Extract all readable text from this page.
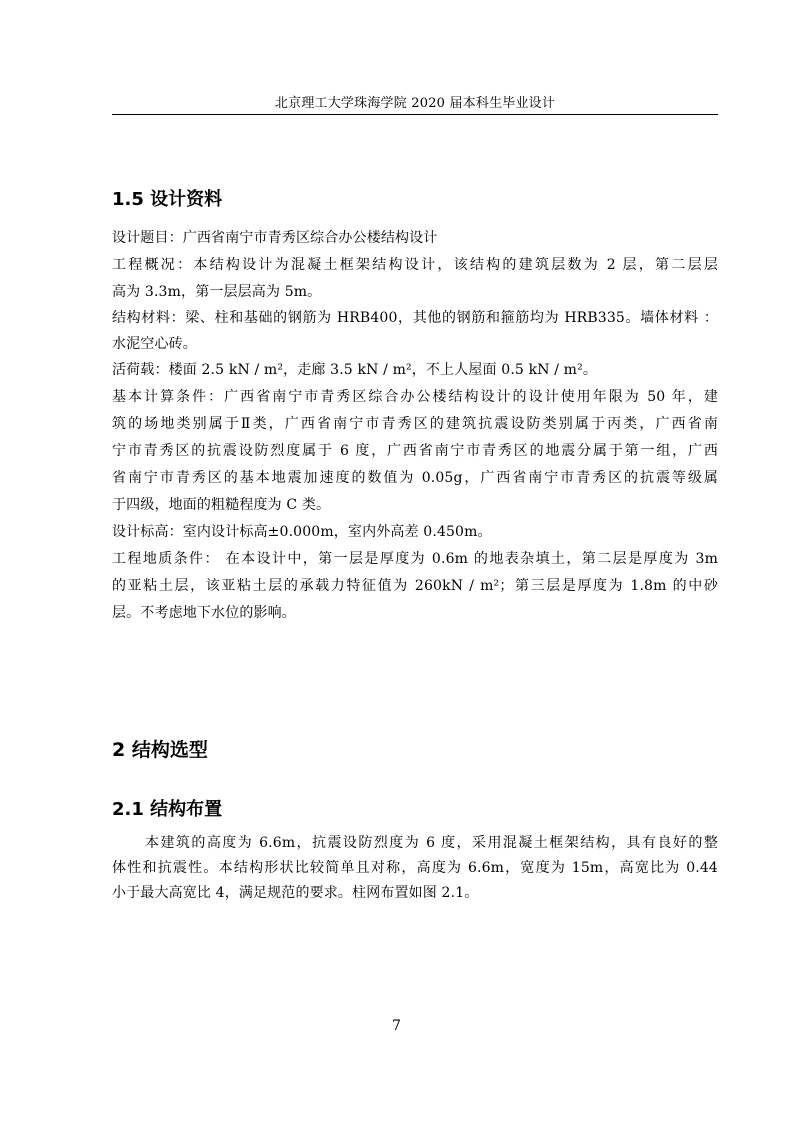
北京理工大学珠海学院 2020 届本科生毕业设计
1.5 设计资料
设计题目：广西省南宁市青秀区综合办公楼结构设计
工程概况：本结构设计为混凝土框架结构设计，该结构的建筑层数为 2 层，第二层层
高为 3.3m，第一层层高为 5m。
结构材料：梁、柱和基础的钢筋为 HRB400，其他的钢筋和箍筋均为 HRB335。墙体材料 ：
水泥空心砖。
活荷载：楼面 2.5 kN / m²，走廊 3.5 kN / m²，不上人屋面 0.5 kN / m²。
基本计算条件：广西省南宁市青秀区综合办公楼结构设计的设计使用年限为 50 年，建
筑的场地类别属于Ⅱ类，广西省南宁市青秀区的建筑抗震设防类别属于丙类，广西省南
宁市青秀区的抗震设防烈度属于 6 度，广西省南宁市青秀区的地震分属于第一组，广西
省南宁市青秀区的基本地震加速度的数值为 0.05g，广西省南宁市青秀区的抗震等级属
于四级，地面的粗糙程度为 C 类。
设计标高：室内设计标高±0.000m，室内外高差 0.450m。
工程地质条件： 在本设计中，第一层是厚度为 0.6m 的地表杂填土，第二层是厚度为 3m
的亚粘土层，该亚粘土层的承载力特征值为 260kN / m²；第三层是厚度为 1.8m 的中砂
层。不考虑地下水位的影响。
2 结构选型
2.1 结构布置
本建筑的高度为 6.6m，抗震设防烈度为 6 度，采用混凝土框架结构，具有良好的整
体性和抗震性。本结构形状比较简单且对称，高度为 6.6m，宽度为 15m，高宽比为 0.44
小于最大高宽比 4，满足规范的要求。柱网布置如图 2.1。
7
